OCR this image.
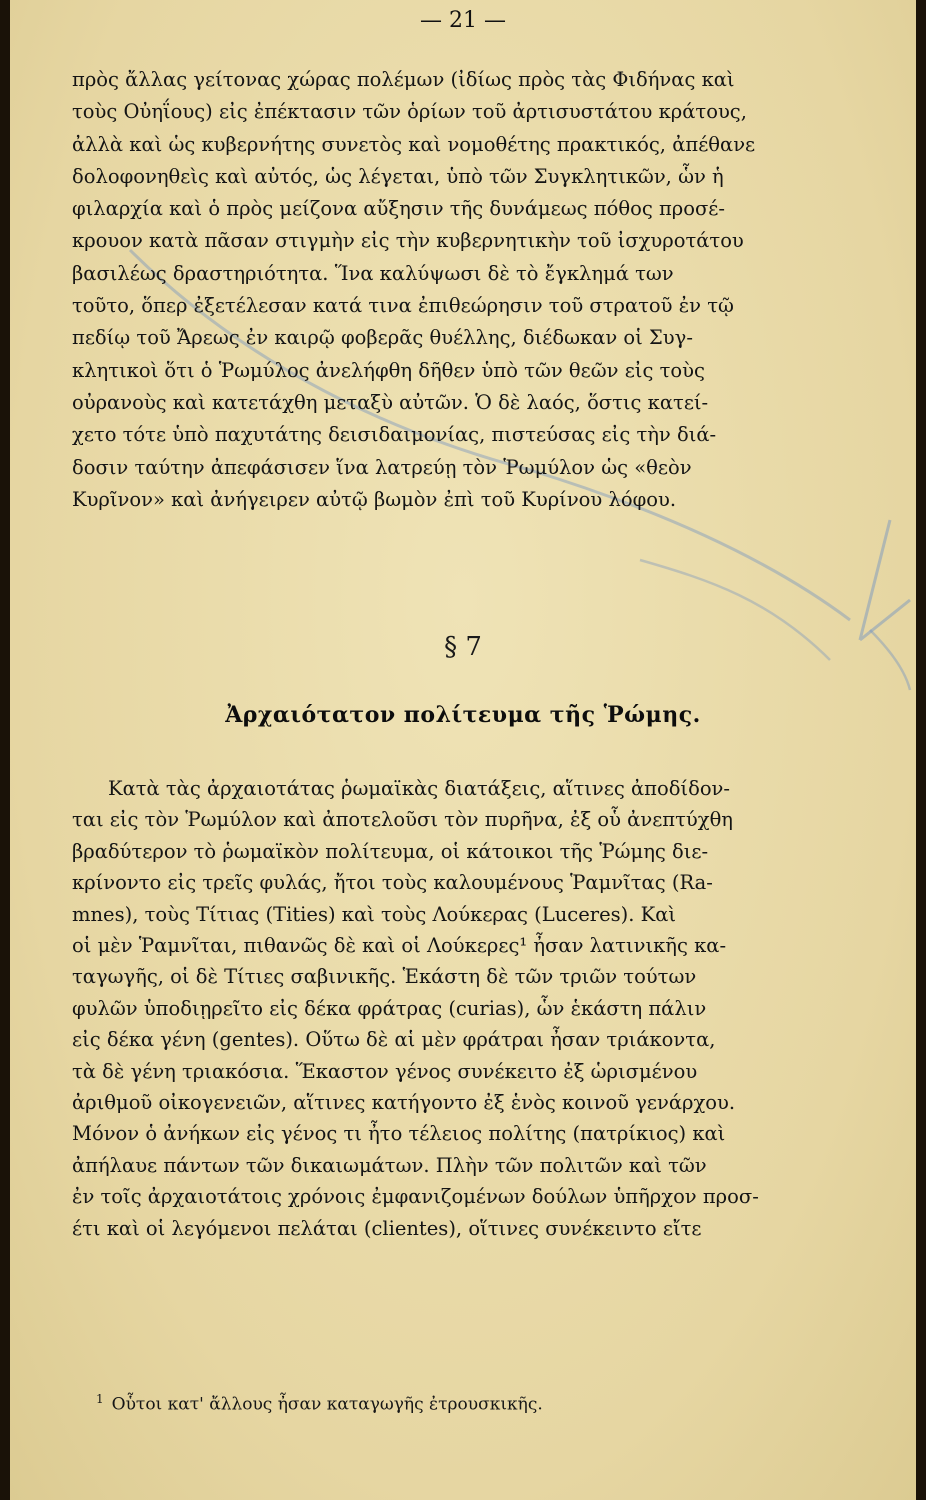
— 21 —
πρὸς ἄλλας γείτονας χώρας πολέμων (ἰδίως πρὸς τὰς Φιδήνας καὶ
τοὺς Οὐηΐους) εἰς ἐπέκτασιν τῶν ὁρίων τοῦ ἀρτισυστάτου κράτους,
ἀλλὰ καὶ ὡς κυβερνήτης συνετὸς καὶ νομοθέτης πρακτικός, ἀπέθανε
δολοφονηθεὶς καὶ αὐτός, ὡς λέγεται, ὑπὸ τῶν Συγκλητικῶν, ὧν ἡ
φιλαρχία καὶ ὁ πρὸς μείζονα αὔξησιν τῆς δυνάμεως πόθος προσέ-
κρουον κατὰ πᾶσαν στιγμὴν εἰς τὴν κυβερνητικὴν τοῦ ἰσχυροτάτου
βασιλέως δραστηριότητα. Ἵνα καλύψωσι δὲ τὸ ἔγκλημά των
τοῦτο, ὅπερ ἐξετέλεσαν κατά τινα ἐπιθεώρησιν τοῦ στρατοῦ ἐν τῷ
πεδίῳ τοῦ Ἄρεως ἐν καιρῷ φοβερᾶς θυέλλης, διέδωκαν οἱ Συγ-
κλητικοὶ ὅτι ὁ Ῥωμύλος ἀνελήφθη δῆθεν ὑπὸ τῶν θεῶν εἰς τοὺς
οὐρανοὺς καὶ κατετάχθη μεταξὺ αὐτῶν. Ὁ δὲ λαός, ὅστις κατεί-
χετο τότε ὑπὸ παχυτάτης δεισιδαιμονίας, πιστεύσας εἰς τὴν διά-
δοσιν ταύτην ἀπεφάσισεν ἵνα λατρεύῃ τὸν Ῥωμύλον ὡς «θεὸν
Κυρῖνον» καὶ ἀνήγειρεν αὐτῷ βωμὸν ἐπὶ τοῦ Κυρίνου λόφου.
§ 7
Ἀρχαιότατον πολίτευμα τῆς Ῥώμης.
Κατὰ τὰς ἀρχαιοτάτας ῥωμαϊκὰς διατάξεις, αἵτινες ἀποδίδον-
ται εἰς τὸν Ῥωμύλον καὶ ἀποτελοῦσι τὸν πυρῆνα, ἐξ οὗ ἀνεπτύχθη
βραδύτερον τὸ ῥωμαϊκὸν πολίτευμα, οἱ κάτοικοι τῆς Ῥώμης διε-
κρίνοντο εἰς τρεῖς φυλάς, ἤτοι τοὺς καλουμένους Ῥαμνῖτας (Ra-
mnes), τοὺς Τίτιας (Tities) καὶ τοὺς Λούκερας (Luceres). Καὶ
οἱ μὲν Ῥαμνῖται, πιθανῶς δὲ καὶ οἱ Λούκερες¹ ἦσαν λατινικῆς κα-
ταγωγῆς, οἱ δὲ Τίτιες σαβινικῆς. Ἑκάστη δὲ τῶν τριῶν τούτων
φυλῶν ὑποδιῃρεῖτο εἰς δέκα φράτρας (curias), ὧν ἑκάστη πάλιν
εἰς δέκα γένη (gentes). Οὕτω δὲ αἱ μὲν φράτραι ἦσαν τριάκοντα,
τὰ δὲ γένη τριακόσια. Ἕκαστον γένος συνέκειτο ἐξ ὡρισμένου
ἀριθμοῦ οἰκογενειῶν, αἵτινες κατήγοντο ἐξ ἑνὸς κοινοῦ γενάρχου.
Μόνον ὁ ἀνήκων εἰς γένος τι ἦτο τέλειος πολίτης (πατρίκιος) καὶ
ἀπήλαυε πάντων τῶν δικαιωμάτων. Πλὴν τῶν πολιτῶν καὶ τῶν
ἐν τοῖς ἀρχαιοτάτοις χρόνοις ἐμφανιζομένων δούλων ὑπῆρχον προσ-
έτι καὶ οἱ λεγόμενοι πελάται (clientes), οἵτινες συνέκειντο εἴτε
$^1$ Οὗτοι κατ' ἄλλους ἦσαν καταγωγῆς ἐτρουσκικῆς.
